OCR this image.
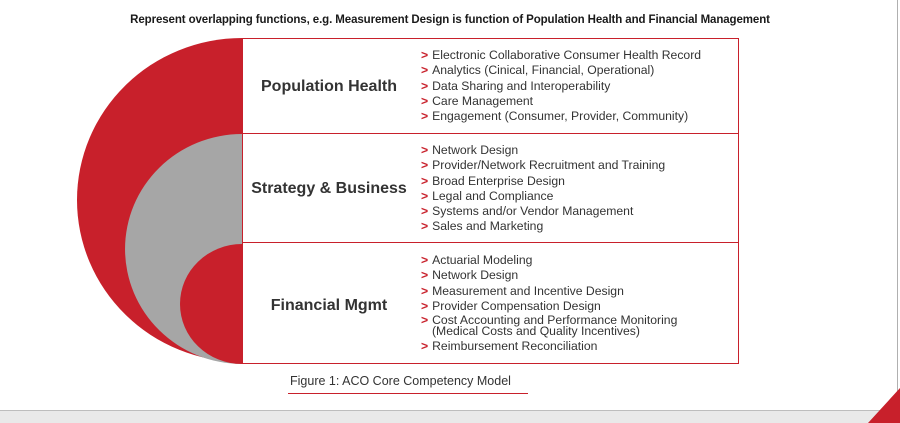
Represent overlapping functions, e.g. Measurement Design is function of Population Health and Financial Management
Population Health
> Electronic Collaborative Consumer Health Record
> Analytics (Cinical, Financial, Operational)
> Data Sharing and Interoperability
> Care Management
> Engagement (Consumer, Provider, Community)
Strategy & Business
> Network Design
> Provider/Network Recruitment and Training
> Broad Enterprise Design
> Legal and Compliance
> Systems and/or Vendor Management
> Sales and Marketing
Financial Mgmt
> Actuarial Modeling
> Network Design
> Measurement and Incentive Design
> Provider Compensation Design
> Cost Accounting and Performance Monitoring
(Medical Costs and Quality Incentives)
> Reimbursement Reconciliation
Figure 1: ACO Core Competency Model
